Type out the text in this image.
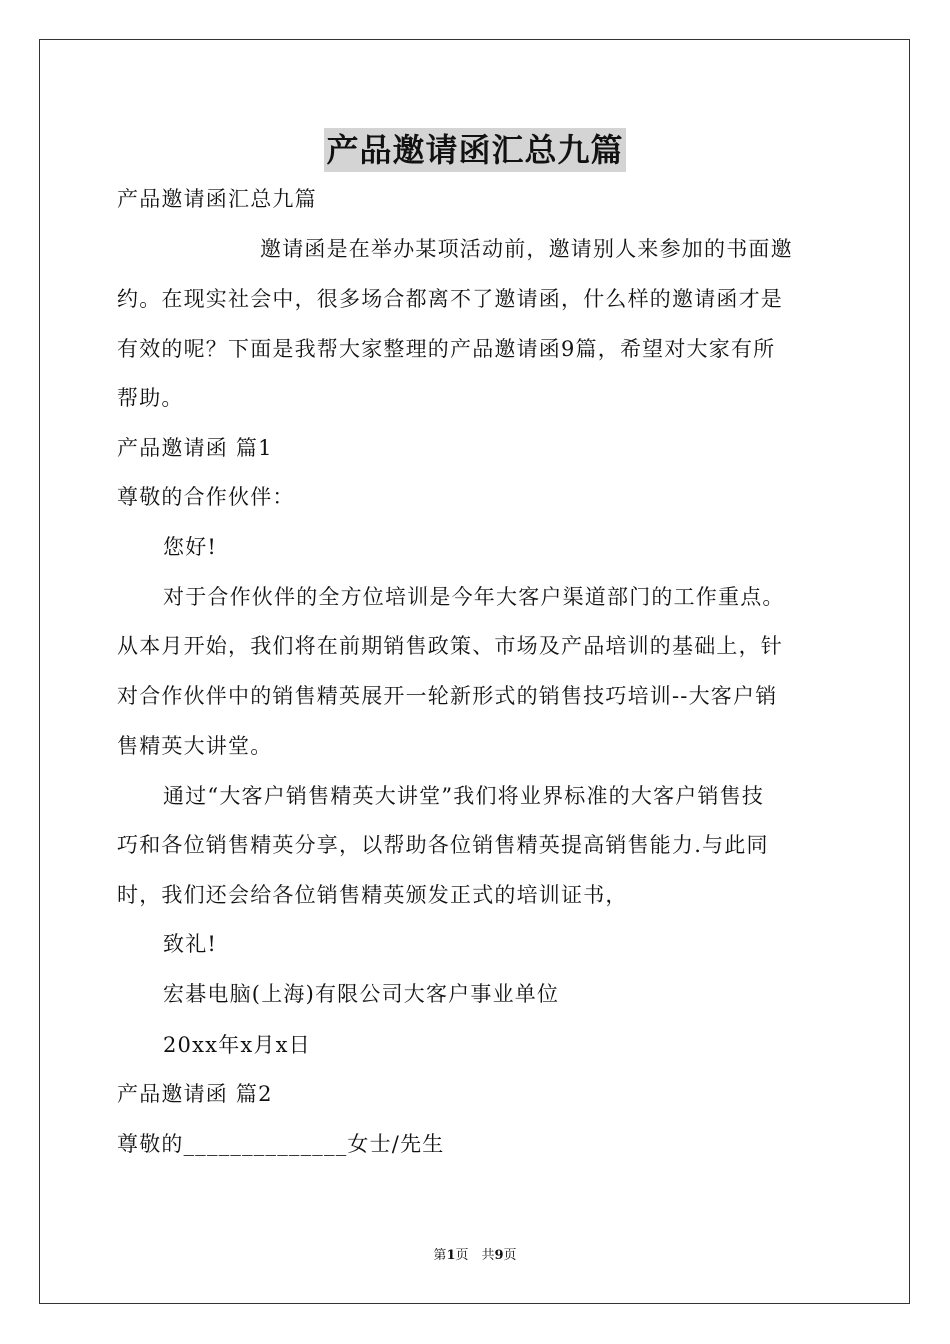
产品邀请函汇总九篇
产品邀请函汇总九篇
邀请函是在举办某项活动前，邀请别人来参加的书面邀
约。在现实社会中，很多场合都离不了邀请函，什么样的邀请函才是
有效的呢？下面是我帮大家整理的产品邀请函9篇，希望对大家有所
帮助。
产品邀请函 篇1
尊敬的合作伙伴：
您好!
对于合作伙伴的全方位培训是今年大客户渠道部门的工作重点。
从本月开始，我们将在前期销售政策、市场及产品培训的基础上，针
对合作伙伴中的销售精英展开一轮新形式的销售技巧培训--大客户销
售精英大讲堂。
通过“大客户销售精英大讲堂”我们将业界标准的大客户销售技
巧和各位销售精英分享，以帮助各位销售精英提高销售能力.与此同
时，我们还会给各位销售精英颁发正式的培训证书，
致礼!
宏碁电脑(上海)有限公司大客户事业单位
20xx年x月x日
产品邀请函 篇2
尊敬的______________女士/先生
第1页　共9页
